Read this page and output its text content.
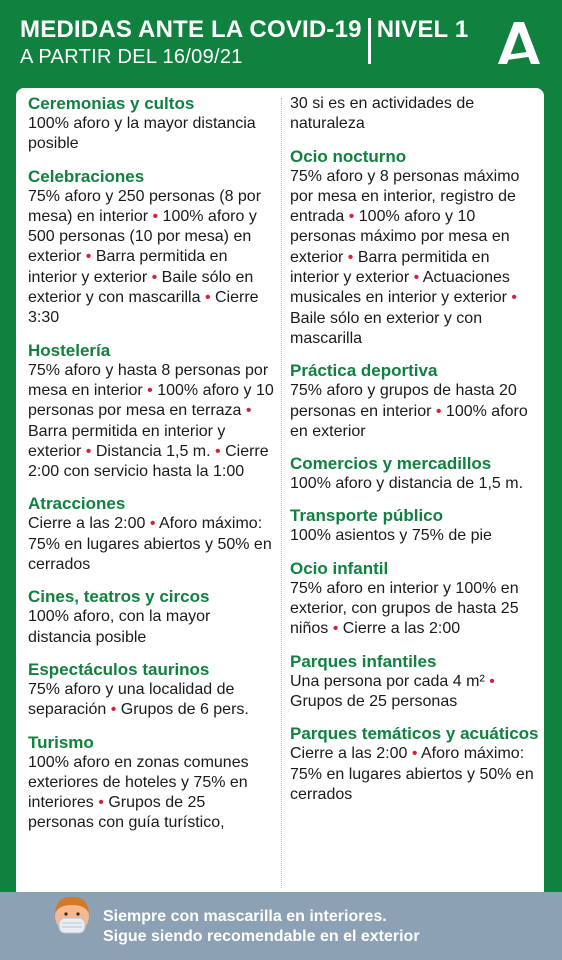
MEDIDAS ANTE LA COVID-19 NIVEL 1
A PARTIR DEL 16/09/21
Ceremonias y cultos

100% aforo y la mayor distancia posible

Celebraciones

75% aforo y 250 personas (8 por mesa) en interior • 100% aforo y 500 personas (10 por mesa) en exterior • Barra permitida en interior y exterior • Baile sólo en exterior y con mascarilla • Cierre 3:30

Hostelería

75% aforo y hasta 8 personas por mesa en interior • 100% aforo y 10 personas por mesa en terraza • Barra permitida en interior y exterior • Distancia 1,5 m. • Cierre 2:00 con servicio hasta la 1:00

Atracciones

Cierre a las 2:00 • Aforo máximo: 75% en lugares abiertos y 50% en cerrados

Cines, teatros y circos

100% aforo, con la mayor distancia posible

Espectáculos taurinos

75% aforo y una localidad de separación • Grupos de 6 pers.

Turismo

100% aforo en zonas comunes exteriores de hoteles y 75% en interiores • Grupos de 25 personas con guía turístico,

30 si es en actividades de naturaleza

Ocio nocturno

75% aforo y 8 personas máximo por mesa en interior, registro de entrada • 100% aforo y 10 personas máximo por mesa en exterior • Barra permitida en interior y exterior • Actuaciones musicales en interior y exterior • Baile sólo en exterior y con mascarilla

Práctica deportiva

75% aforo y grupos de hasta 20 personas en interior • 100% aforo en exterior

Comercios y mercadillos

100% aforo y distancia de 1,5 m.

Transporte público

100% asientos y 75% de pie

Ocio infantil

75% aforo en interior y 100% en exterior, con grupos de hasta 25 niños • Cierre a las 2:00

Parques infantiles

Una persona por cada 4 m² • Grupos de 25 personas

Parques temáticos y acuáticos

Cierre a las 2:00 • Aforo máximo: 75% en lugares abiertos y 50% en cerrados

Siempre con mascarilla en interiores.
Sigue siendo recomendable en el exterior
